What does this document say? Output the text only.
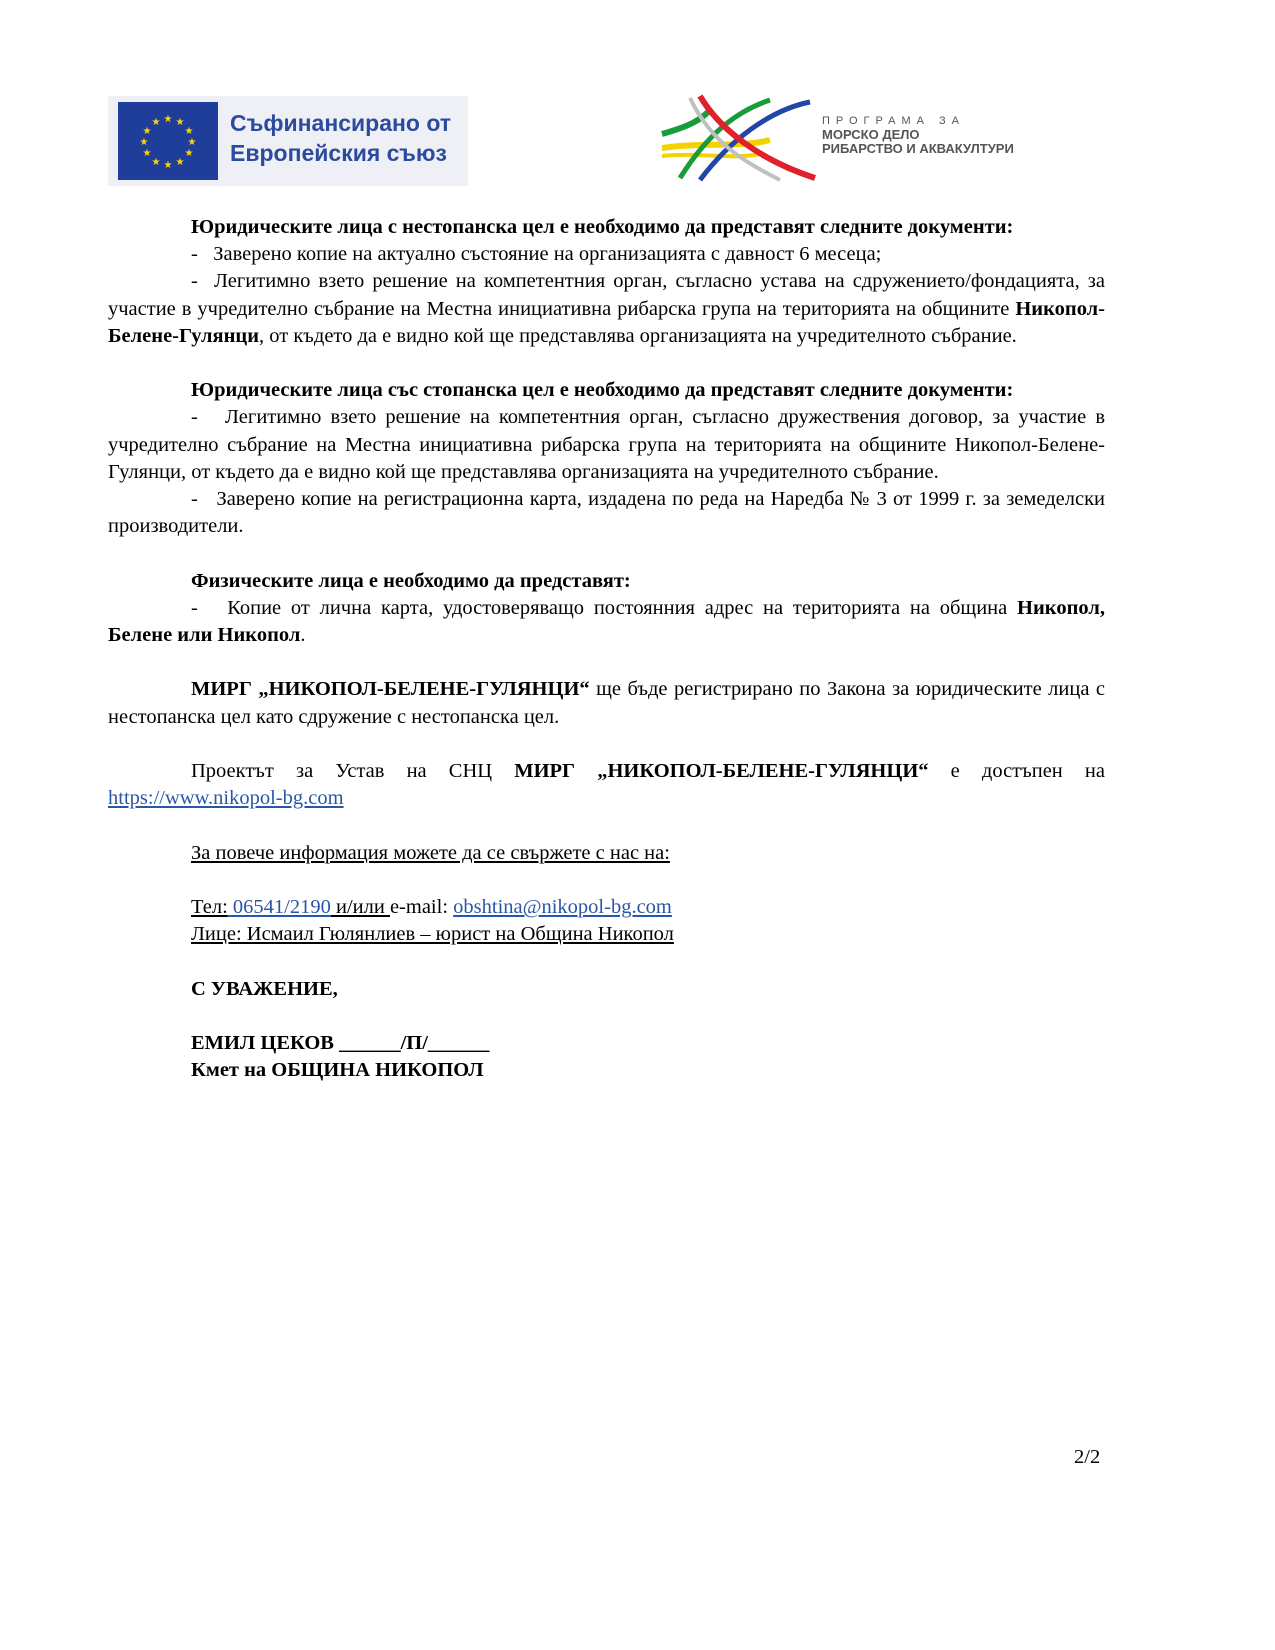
★ ★
★
★
★
★
★
★
★
★
★
★	Съфинансирано от
Европейския съюз
ПРОГРАМА ЗА
МОРСКО ДЕЛО
РИБАРСТВО И АКВАКУЛТУРИ

Юридическите лица с нестопанска цел е необходимо да представят следните документи:

-   Заверено копие на актуално състояние на организацията с давност 6 месеца;

-  Легитимно взето решение на компетентния орган, съгласно устава на сдружението/фондацията, за участие в учредително събрание на Местна инициативна рибарска група на територията на общините Никопол-Белене-Гулянци, от където да е видно кой ще представлява организацията на учредителното събрание.

Юридическите лица със стопанска цел е необходимо да представят следните документи:

-   Легитимно взето решение на компетентния орган, съгласно дружествения договор, за участие в учредително събрание на Местна инициативна рибарска група на територията на общините Никопол-Белене-Гулянци, от където да е видно кой ще представлява организацията на учредителното събрание.

-   Заверено копие на регистрационна карта, издадена по реда на Наредба № 3 от 1999 г. за земеделски производители.

Физическите лица е необходимо да представят:

-   Копие от лична карта, удостоверяващо постоянния адрес на територията на община Никопол, Белене или Никопол.

МИРГ „НИКОПОЛ-БЕЛЕНЕ-ГУЛЯНЦИ“ ще бъде регистрирано по Закона за юридическите лица с нестопанска цел като сдружение с нестопанска цел.

Проектът за Устав на СНЦ МИРГ „НИКОПОЛ-БЕЛЕНЕ-ГУЛЯНЦИ“ е достъпен на https://www.nikopol-bg.com

За повече информация можете да се свържете с нас на:

Тел: 06541/2190 и/или e-mail: obshtina@nikopol-bg.com

Лице: Исмаил Гюлянлиев – юрист на Община Никопол

С УВАЖЕНИЕ,

ЕМИЛ ЦЕКОВ ______/П/______

Кмет на ОБЩИНА НИКОПОЛ

2/2
